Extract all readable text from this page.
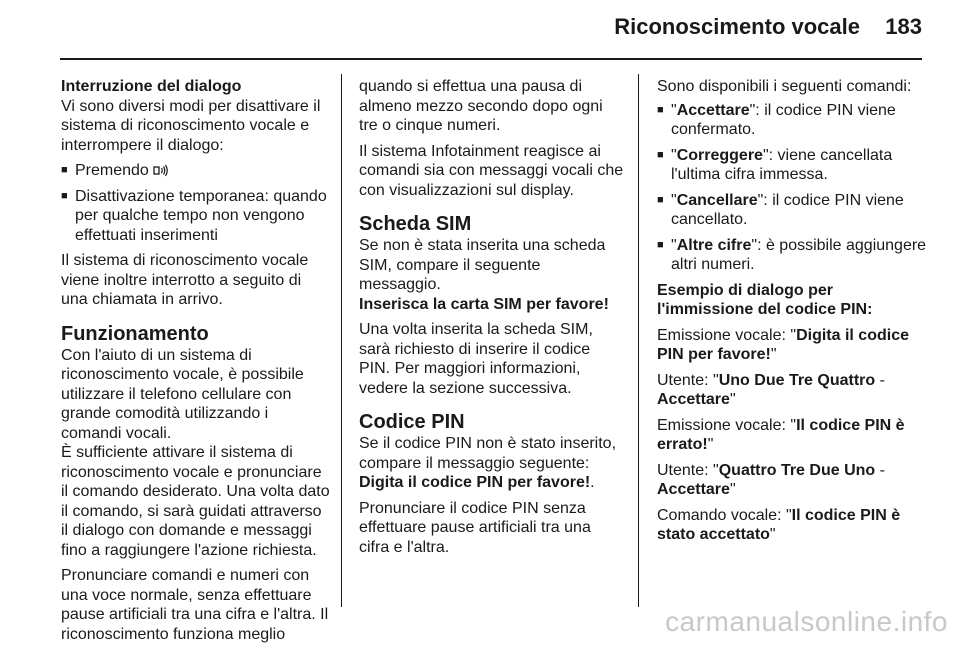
Riconoscimento vocale 183
Interruzione del dialogo

Vi sono diversi modi per disattivare il sistema di riconoscimento vocale e interrompere il dialogo:

■ Premendo
■ Disattivazione temporanea: quando per qualche tempo non vengono effettuati inserimenti

Il sistema di riconoscimento vocale viene inoltre interrotto a seguito di una chiamata in arrivo.

Funzionamento

Con l'aiuto di un sistema di riconoscimento vocale, è possibile utilizzare il telefono cellulare con grande comodità utilizzando i comandi vocali.

È sufficiente attivare il sistema di riconoscimento vocale e pronunciare il comando desiderato. Una volta dato il comando, si sarà guidati attraverso il dialogo con domande e messaggi fino a raggiungere l'azione richiesta.

Pronunciare comandi e numeri con una voce normale, senza effettuare pause artificiali tra una cifra e l'altra. Il riconoscimento funziona meglio

quando si effettua una pausa di almeno mezzo secondo dopo ogni tre o cinque numeri.

Il sistema Infotainment reagisce ai comandi sia con messaggi vocali che con visualizzazioni sul display.

Scheda SIM
Se non è stata inserita una scheda SIM, compare il seguente messaggio.

Inserisca la carta SIM per favore!

Una volta inserita la scheda SIM, sarà richiesto di inserire il codice PIN. Per maggiori informazioni, vedere la sezione successiva.

Codice PIN
Se il codice PIN non è stato inserito, compare il messaggio seguente:

Digita il codice PIN per favore!.

Pronunciare il codice PIN senza effettuare pause artificiali tra una cifra e l'altra.

Sono disponibili i seguenti comandi:
■ "Accettare": il codice PIN viene confermato.
■ "Correggere": viene cancellata l'ultima cifra immessa.
■ "Cancellare": il codice PIN viene cancellato.
■ "Altre cifre": è possibile aggiungere altri numeri.

Esempio di dialogo per l'immissione del codice PIN:

Emissione vocale: "Digita il codice PIN per favore!"

Utente: "Uno Due Tre Quattro - Accettare"

Emissione vocale: "Il codice PIN è errato!"

Utente: "Quattro Tre Due Uno - Accettare"

Comando vocale: "Il codice PIN è stato accettato"

carmanualsonline.info
